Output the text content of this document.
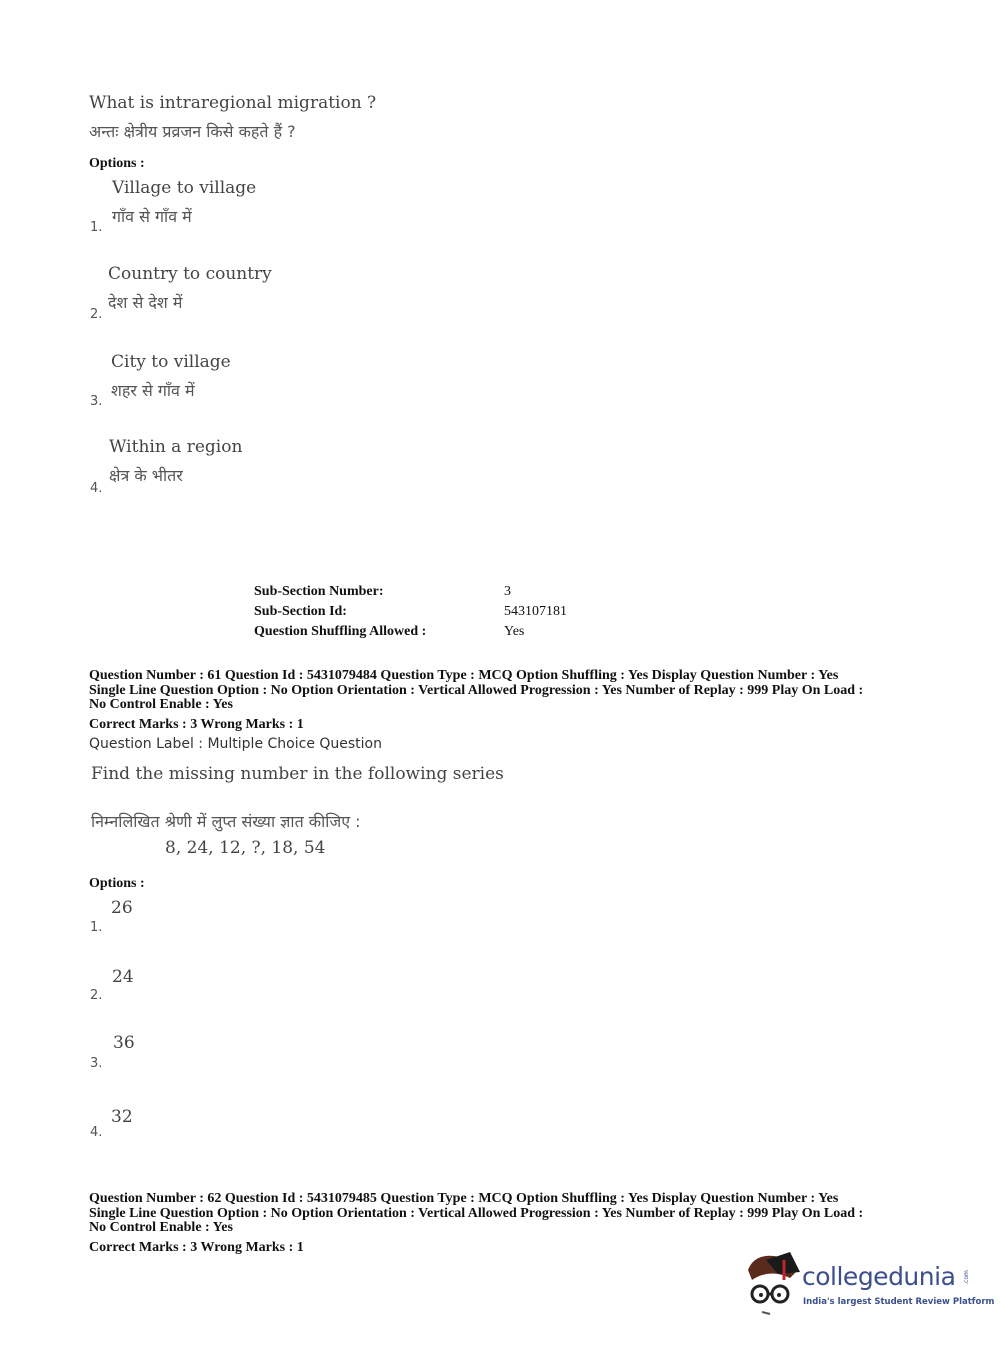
What is intraregional migration ?
अन्तः क्षेत्रीय प्रव्रजन किसे कहते हैं ?
Options :
Village to village
गाँव से गाँव में
1.
Country to country
देश से देश में
2.
City to village
शहर से गाँव में
3.
Within a region
क्षेत्र के भीतर
4.
Sub-Section Number:	3
Sub-Section Id:	543107181
Question Shuffling Allowed :	Yes
Question Number : 61 Question Id : 5431079484 Question Type : MCQ Option Shuffling : Yes Display Question Number : Yes
Single Line Question Option : No Option Orientation : Vertical Allowed Progression : Yes Number of Replay : 999 Play On Load :
No Control Enable : Yes
Correct Marks : 3 Wrong Marks : 1
Question Label : Multiple Choice Question
Find the missing number in the following series
निम्नलिखित श्रेणी में लुप्त संख्या ज्ञात कीजिए :
8, 24, 12, ?, 18, 54
Options :
26
1.
24
2.
36
3.
32
4.
Question Number : 62 Question Id : 5431079485 Question Type : MCQ Option Shuffling : Yes Display Question Number : Yes
Single Line Question Option : No Option Orientation : Vertical Allowed Progression : Yes Number of Replay : 999 Play On Load :
No Control Enable : Yes
Correct Marks : 3 Wrong Marks : 1
collegedunia .com
India's largest Student Review Platform
